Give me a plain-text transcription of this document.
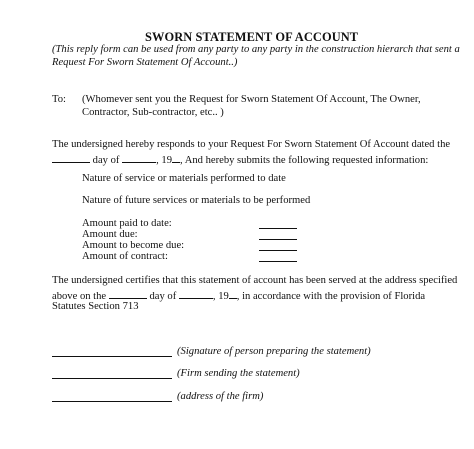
SWORN STATEMENT OF ACCOUNT
(This reply form can be used from any party to any party in the construction hierarch that sent a
Request For Sworn Statement Of Account..)
To: (Whomever sent you the Request for Sworn Statement Of Account, The Owner,
Contractor, Sub-contractor, etc.. )
The undersigned hereby responds to your Request For Sworn Statement Of Account dated the
day of	, 19 , And hereby submits the following requested information:
Nature of service or materials performed to date
Nature of future services or materials to be performed
Amount paid to date:
Amount due:
Amount to become due:
Amount of contract:
The undersigned certifies that this statement of account has been served at the address specified
above on the	day of	, 19 , in accordance with the provision of Florida
Statutes Section 713
(Signature of person preparing the statement)
(Firm sending the statement)
(address of the firm)
